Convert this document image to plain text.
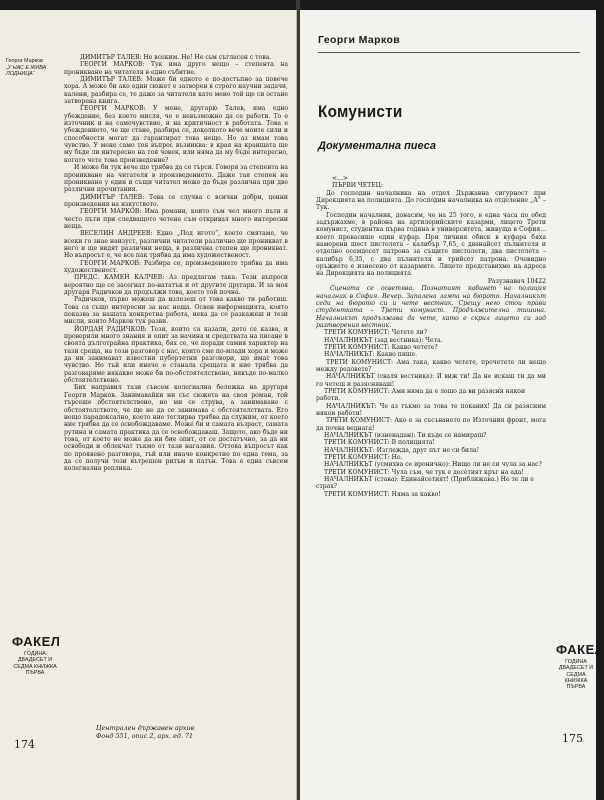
Георги Марков
„У НАС Е ЖИВА ЛОДНИЦА“

ДИМИТЪР ТАЛЕВ: Не всеким. Не! Не сьм съгласен с това.

ГЕОРГИ МАРКОВ: Тук има друго нещо – степента на проникване на читателя в едно събитие.

ДИМИТЪР ТАЛЕВ: Може би едното е по-достъпно за повече хора. А може би ако един сюжет е затворен в строго научни задачи, калени, разбира се, те даже за читателя като мене той ще си остане затворена книга.

ГЕОРГИ МАРКОВ: У мене, другарю Талев, има едно убеждение, без което мисля, че е невъзможно да се работи. То е източник и на самочувствие, и на критичност в работата. Това е убеждението, че ще стане, разбира се, доколкото вече моите сили и способности могат да гарантират това нещо. Но аз имам това чувство. У мене само тоя въпрос възниква: в края на краищата ще му бъде ли интересно на тоя човек, или няма да му бъде интересно, когато чете това произведение?

И може би тук вече ще трябва да се търси. Говоря за степента на проникване на читателя в произведението. Даже тая степен на проникване у един и същи читател може да бъде различна при две различни прочитания.

ДИМИТЪР ТАЛЕВ: Това се случва с всички добри, ценни произведения на изкуството.

ГЕОРГИ МАРКОВ: Има романи, които съм чел много пъти и често пъти при следващото четене съм откривал много интересни неща.

ВЕСЕЛИН АНДРЕЕВ: Едно „Под игото“, което смятаме, че всеки го знае наизуст, различни читатели различно ще проникват в него и ще видят различни неща, в различна степен ще проникват. Но въпросът е, че все пак трябва да има художественост.

ГЕОРГИ МАРКОВ: Разбира се, произведението трябва да има художественост.

ПРЕДС. КАМЕН КАЛЧЕВ: Аз предлагам така. Тези въпроси вероятно ще се засегнат по-нататък и от другите другари. И за моя другаря Радичков да продължи това, което той почна.

Радичков, първо можеш да излезеш от това какво ти работиш. Това са също интересни за нас неща. Освен информацията, която показва за нашата конкретна работа, нека да се разкажеш и тези мисли, които Марков тук разви.

ЙОРДАН РАДИЧКОВ: Тези, които са казали, дето се казва, и проверили много знания и опит за начина и средствата на писане в своята дълготрайна практика, бях се, че поради самия характер на тази среща, на този разговор с нас, които сме по-млади хора и може да ни занимават известни пубертетни разговори, ще имат това чувство. Но тъй или иначе е станала срещата и ние трябва да разговаряме някакво може би по-обстоятелствено, някъде по-малко обстоятелствено.

Бих направил тази съвсем колегиална бележка на другаря Георги Марков. Занимавайки ни със сюжета на своя роман, той търсеше обстоятелствено, но ми се струва, а занимаване с обстоятелството, че ще не да се занимава с обстоятелствата. Его нещо парадоксално, което ние теглирва трябва да служим, от което ние трябва да се освобождаваме. Може би и самата възраст, самата рутина и самата практика да се освобождаваш. Защото, ако бъде ни това, от което не може да ни бие опит, от се достатъчно, за да ни освободи и облекчат тъкмо от тази нагазвия. Оттова въпросът как по проявено разговора, тъй или иначе конкретно по една тема, за да се получи този вътрешен ритъм и патън. Това е една съвсем колегиална реплика.

ФАКЕЛ
ГОДИНА ДВАДЕСЕТ И СЕДМА КНИЖКА ПЪРВА
174
Централен държавен архив
Фонд 551, опис 2, арх. ед. 71
Георги Марков
Комунисти
Документална пиеса

<...>

ПЪРВИ ЧЕТЕЦ:

До господин началника на отдел Държавна сигурност при Дирекцията на полицията. До господин началника на отделение „А“ – Тук.

Господин началник, донасям, че на 25 того, в една часа по обед задържахме, в района на артилерийските казарми, лицето Трети комунист, студентка първа година в университета, живуща в София... което превасише един куфар. При личния обиск в куфара бяха намерени шест пистолета – калибър 7,65, с дванайсет пълнителя и отделно осемдесет патрона за същите пистолети, два пистолета – калибър 6,35, с два пълнителя и трийсет патрона. Очевидно оръжието е изнесено от казармите. Лицето представихме на адреса на Дирекцията на полицията.

Разузнавач 10422

Сцената се осветява. Познатият кабинет на полиция началник в София. Вечер. Запалена лампа на бюрото. Началникът седи на бюрото си и чете вестник. Срещу него стои прави студентката – Трети комунист. Продължителна тишина. Началникът продължава да чете, като е скрил лицето си зад разтворения вестник.

ТРЕТИ КОМУНИСТ: Четете ли?

НАЧАЛНИКЪТ (зад вестника): Чета.

ТРЕТИ КОМУНИСТ: Какво четете?

НАЧАЛНИКЪТ: Какво пише.

ТРЕТИ КОМУНИСТ: Ама така, какво четете, прочетете ли нещо между редовете?

НАЧАЛНИКЪТ (сваля вестника): Я виж ти! Да не искаш ти да ми го четеш и разясняваш!

ТРЕТИ КОМУНИСТ: Ами няма да е лошо да ви разясня някои работи.

НАЧАЛНИКЪТ: Че аз тъкмо за това те поканих! Да си разясним някои работи!

ТРЕТИ КОМУНИСТ: Ако е за съсъването по Източния фронт, мога да почна веднага!

НАЧАЛНИКЪТ (изненадан): Ти къде се намираш?

ТРЕТИ КОМУНИСТ: В полицията!

НАЧАЛНИКЪТ: Изглежда, друг път не си била!

ТРЕТИ КОМУНИСТ: Не.

НАЧАЛНИКЪТ (усмихва се иронично): Нищо ли не си чула за нас?

ТРЕТИ КОМУНИСТ: Чула съм, че тук е десетият кръг на ада!

НАЧАЛНИКЪТ (става): Единайсетият! (Приближава.) Не те ли е страх?

ТРЕТИ КОМУНИСТ: Няма за какво!

ФАКЕЛ
ГОДИНА ДВАДЕСЕТ И СЕДМА КНИЖКА ПЪРВА
175
